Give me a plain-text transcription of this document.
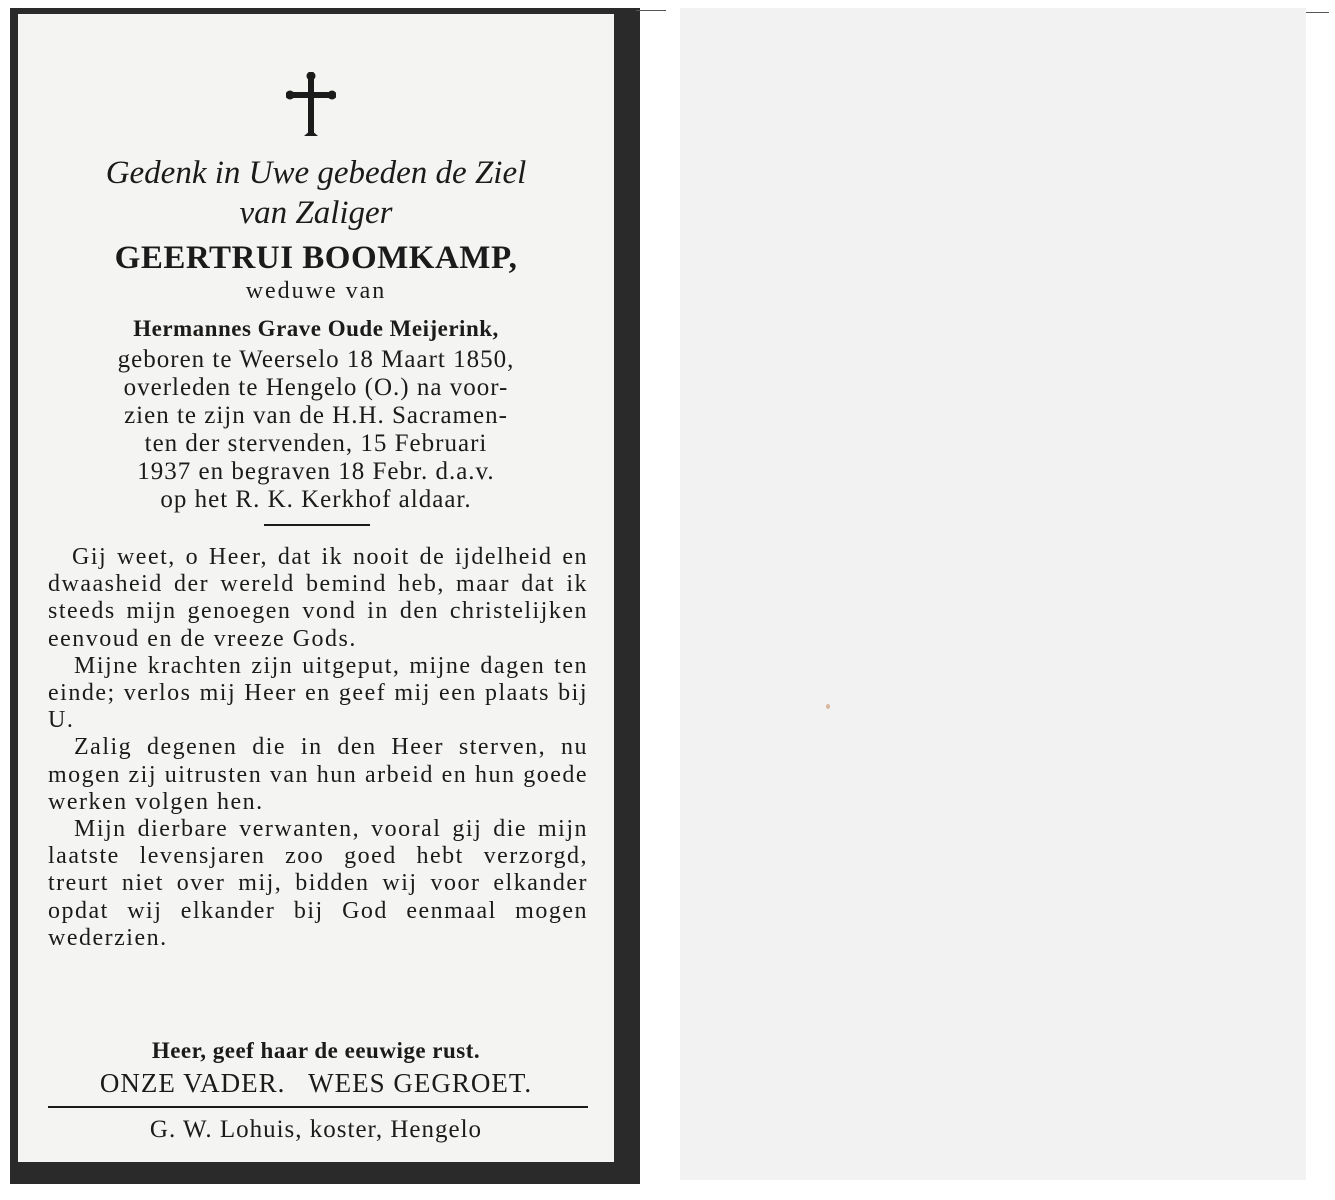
Gedenk in Uwe gebeden de Ziel

van Zaliger

GEERTRUI BOOMKAMP,

weduwe van

Hermannes Grave Oude Meijerink,

geboren te Weerselo 18 Maart 1850,

overleden te Hengelo (O.) na voor-

zien te zijn van de H.H. Sacramen-

ten der stervenden, 15 Februari

1937 en begraven 18 Febr. d.a.v.

op het R. K. Kerkhof aldaar.

Gij weet, o Heer, dat ik nooit de ijdelheid en dwaasheid der wereld bemind heb, maar dat ik steeds mijn genoegen vond in den christelijken eenvoud en de vreeze Gods.

Mijne krachten zijn uitgeput, mijne dagen ten einde; verlos mij Heer en geef mij een plaats bij U.

Zalig degenen die in den Heer sterven, nu mogen zij uitrusten van hun arbeid en hun goede werken volgen hen.

Mijn dierbare verwanten, vooral gij die mijn laatste levensjaren zoo goed hebt verzorgd, treurt niet over mij, bidden wij voor elkander opdat wij elkander bij God eenmaal mogen wederzien.

Heer, geef haar de eeuwige rust.

ONZE VADER.   WEES GEGROET.

G. W. Lohuis, koster, Hengelo
